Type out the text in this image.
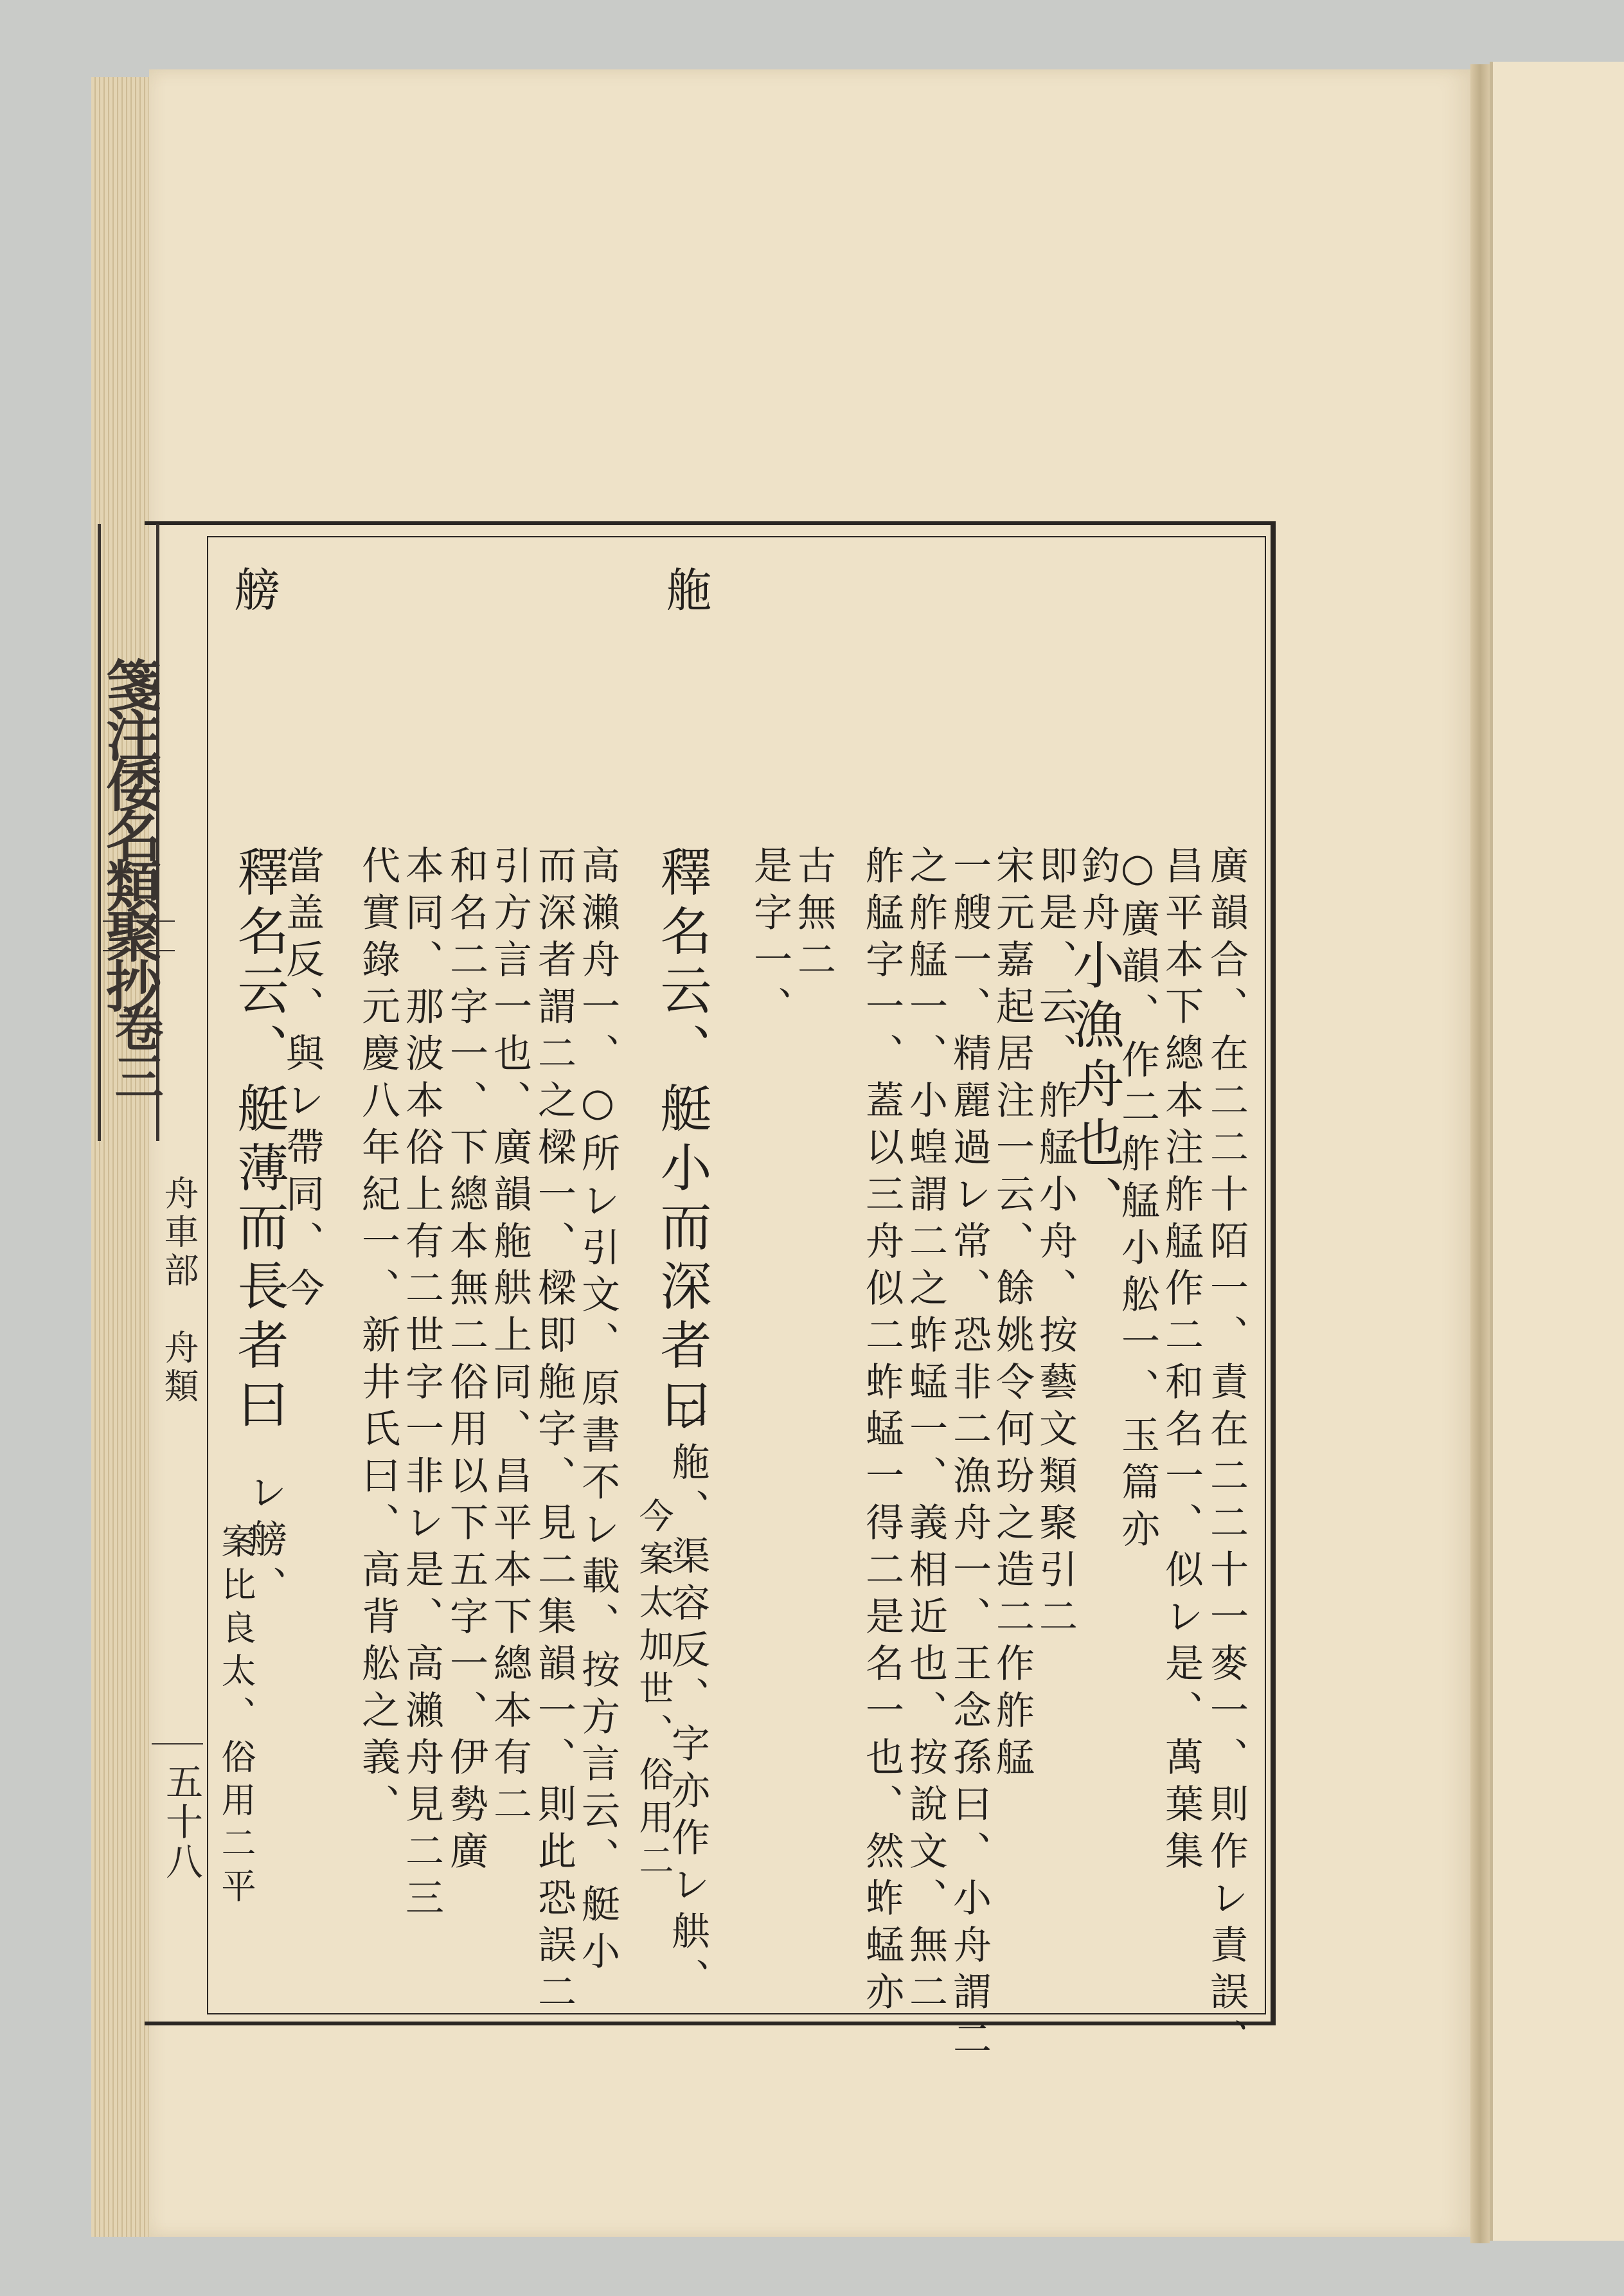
箋注倭名類聚抄
卷三
舟車部　舟類
五十八
䑨
艕
廣韻合、在二二十陌一、責在二二十一麥一、則作レ責誤、
昌平本下總本注舴艋作二和名一、似レ是、萬葉集
釣舟
小漁舟也、
○廣韻、作二舴艋小舩一、玉篇亦
即是、云、舴艋小舟、按藝文類聚引二
宋元嘉起居注一云、餘姚令何玢之造二作舴艋
一艘一、精麗過レ常、恐非二漁舟一、王念孫曰、小舟謂二
之舴艋一、小蝗謂二之蚱蜢一、義相近也、按說文、無二
舴艋字一、蓋以三舟似二蚱蜢一得二是名一也、然蚱蜢亦
古無二
是字一、
釋名云、艇小而深者曰
レ䑨、渠容反、字亦作レ舼、
今案太加世、俗用二
高瀨舟一、○所レ引文、原書不レ載、按方言云、艇小
而深者謂二之樑一、樑即䑨字、見二集韻一、則此恐誤二
引方言一也、廣韻䑨舼上同、昌平本下總本有二
和名二字一、下總本無二俗用以下五字一、伊勢廣
本同、那波本俗上有二世字一非レ是、高瀨舟見二三
代實錄元慶八年紀一、新井氏曰、高背舩之義、
釋名云、艇薄而長者曰
當盖反、與レ帶同、今
レ艕、
案比良太、俗用二平
